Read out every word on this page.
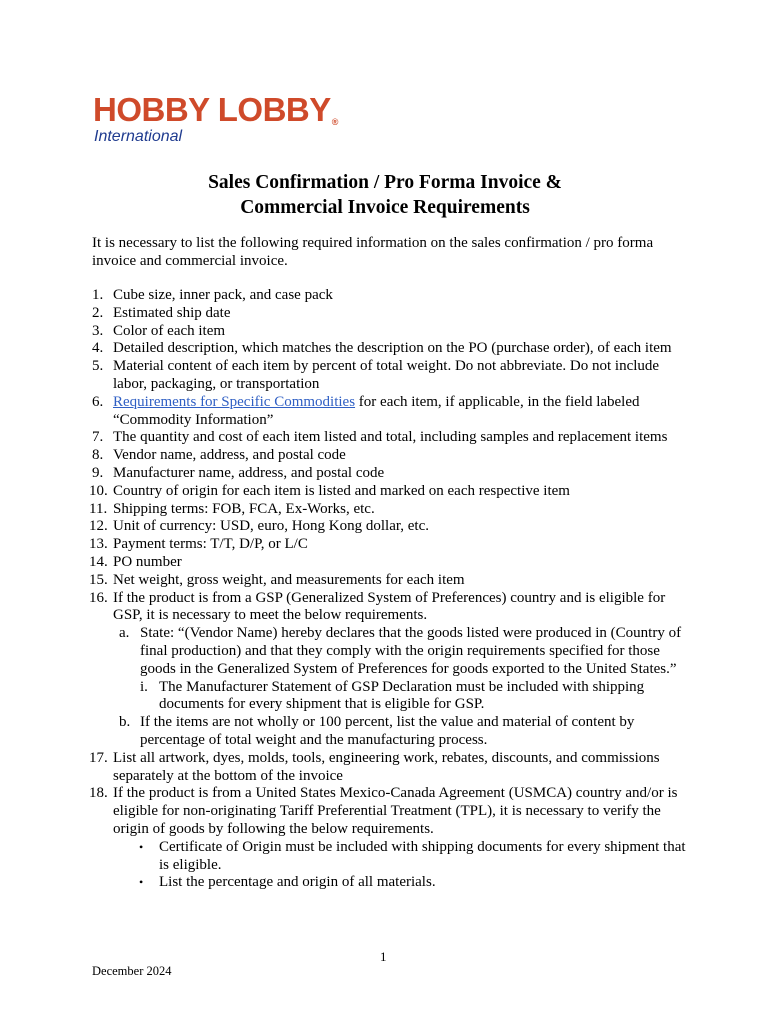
HOBBY LOBBY®
International
Sales Confirmation / Pro Forma Invoice &
Commercial Invoice Requirements
It is necessary to list the following required information on the sales confirmation / pro forma invoice and commercial invoice.
1. Cube size, inner pack, and case pack
2. Estimated ship date
3. Color of each item
4. Detailed description, which matches the description on the PO (purchase order), of each item
5. Material content of each item by percent of total weight. Do not abbreviate. Do not include labor, packaging, or transportation
6. Requirements for Specific Commodities for each item, if applicable, in the field labeled “Commodity Information”
7. The quantity and cost of each item listed and total, including samples and replacement items
8. Vendor name, address, and postal code
9. Manufacturer name, address, and postal code
10. Country of origin for each item is listed and marked on each respective item
11. Shipping terms: FOB, FCA, Ex-Works, etc.
12. Unit of currency: USD, euro, Hong Kong dollar, etc.
13. Payment terms: T/T, D/P, or L/C
14. PO number
15. Net weight, gross weight, and measurements for each item
16. If the product is from a GSP (Generalized System of Preferences) country and is eligible for GSP, it is necessary to meet the below requirements.
a. State: “(Vendor Name) hereby declares that the goods listed were produced in (Country of final production) and that they comply with the origin requirements specified for those goods in the Generalized System of Preferences for goods exported to the United States.”
i. The Manufacturer Statement of GSP Declaration must be included with shipping documents for every shipment that is eligible for GSP.
b. If the items are not wholly or 100 percent, list the value and material of content by percentage of total weight and the manufacturing process.
17. List all artwork, dyes, molds, tools, engineering work, rebates, discounts, and commissions separately at the bottom of the invoice
18. If the product is from a United States Mexico-Canada Agreement (USMCA) country and/or is eligible for non-originating Tariff Preferential Treatment (TPL), it is necessary to verify the origin of goods by following the below requirements.
• Certificate of Origin must be included with shipping documents for every shipment that is eligible.
• List the percentage and origin of all materials.
1
December 2024
